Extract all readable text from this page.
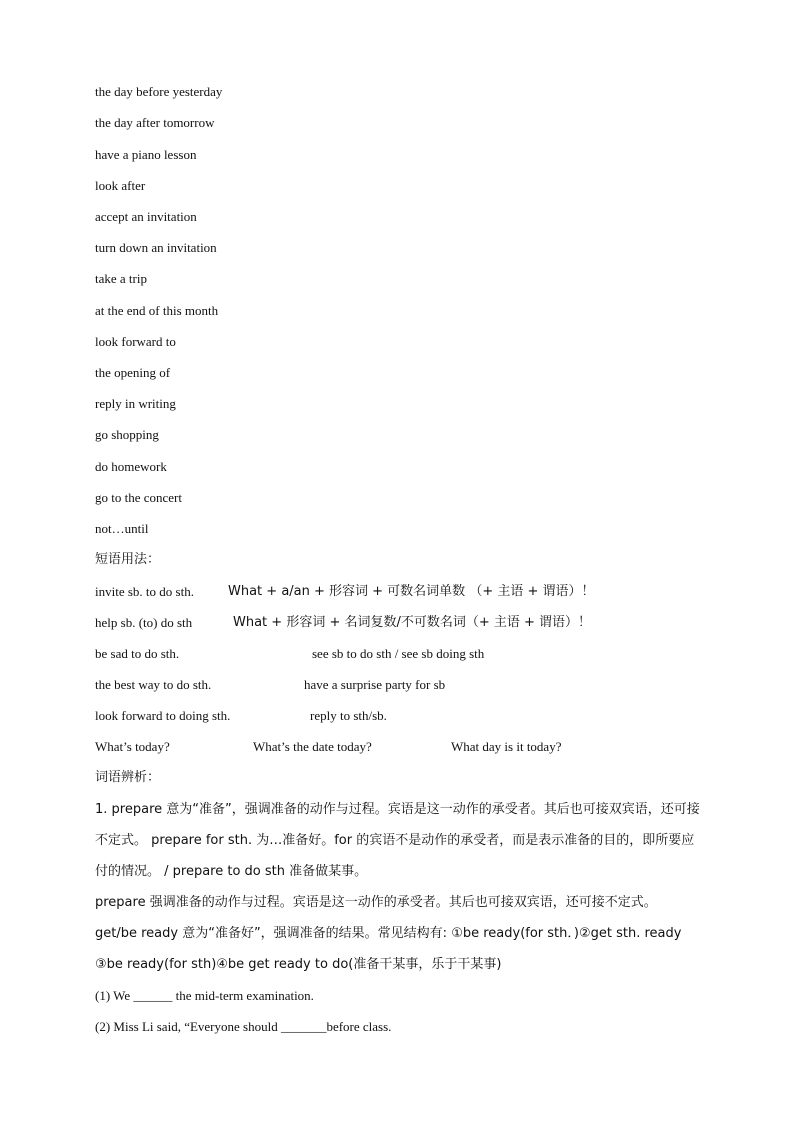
the day before yesterday
the day after tomorrow
have a piano lesson
look after
accept an invitation
turn down an invitation
take a trip
at the end of this month
look forward to
the opening of
reply in writing
go shopping
do homework
go to the concert
not…until
短语用法：
invite sb. to do sth.	What + a/an + 形容词 + 可数名词单数 （+ 主语 + 谓语）！
help sb. (to) do sth	What + 形容词 + 名词复数/不可数名词（+ 主语 + 谓语）！
be sad to do sth.	see sb to do sth / see sb doing sth
the best way to do sth.	have a surprise party for sb
look forward to doing sth.	reply to sth/sb.
What’s today?	What’s the date today?	What day is it today?
词语辨析：

1. prepare 意为“准备”，强调准备的动作与过程。宾语是这一动作的承受者。其后也可接双宾语，还可接不定式。 prepare for sth. 为…准备好。for 的宾语不是动作的承受者，而是表示准备的目的，即所要应付的情况。 / prepare to do sth 准备做某事。

prepare 强调准备的动作与过程。宾语是这一动作的承受者。其后也可接双宾语，还可接不定式。

get/be ready 意为“准备好”，强调准备的结果。常见结构有: ①be ready(for sth．)②get sth. ready ③be ready(for sth)④be get ready to do(准备干某事，乐于干某事)

(1) We ______ the mid-term examination.

(2) Miss Li said, “Everyone should _______before class.
